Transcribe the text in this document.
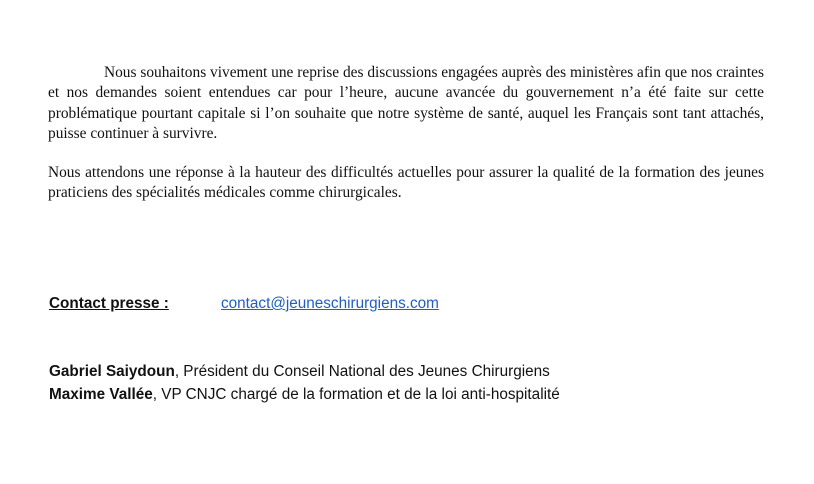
Nous souhaitons vivement une reprise des discussions engagées auprès des ministères afin que nos craintes et nos demandes soient entendues car pour l’heure, aucune avancée du gouvernement n’a été faite sur cette problématique pourtant capitale si l’on souhaite que notre système de santé, auquel les Français sont tant attachés, puisse continuer à survivre.

Nous attendons une réponse à la hauteur des difficultés actuelles pour assurer la qualité de la formation des jeunes praticiens des spécialités médicales comme chirurgicales.

Contact presse :	contact@jeuneschirurgiens.com
Gabriel Saiydoun, Président du Conseil National des Jeunes Chirurgiens
Maxime Vallée, VP CNJC chargé de la formation et de la loi anti-hospitalité
